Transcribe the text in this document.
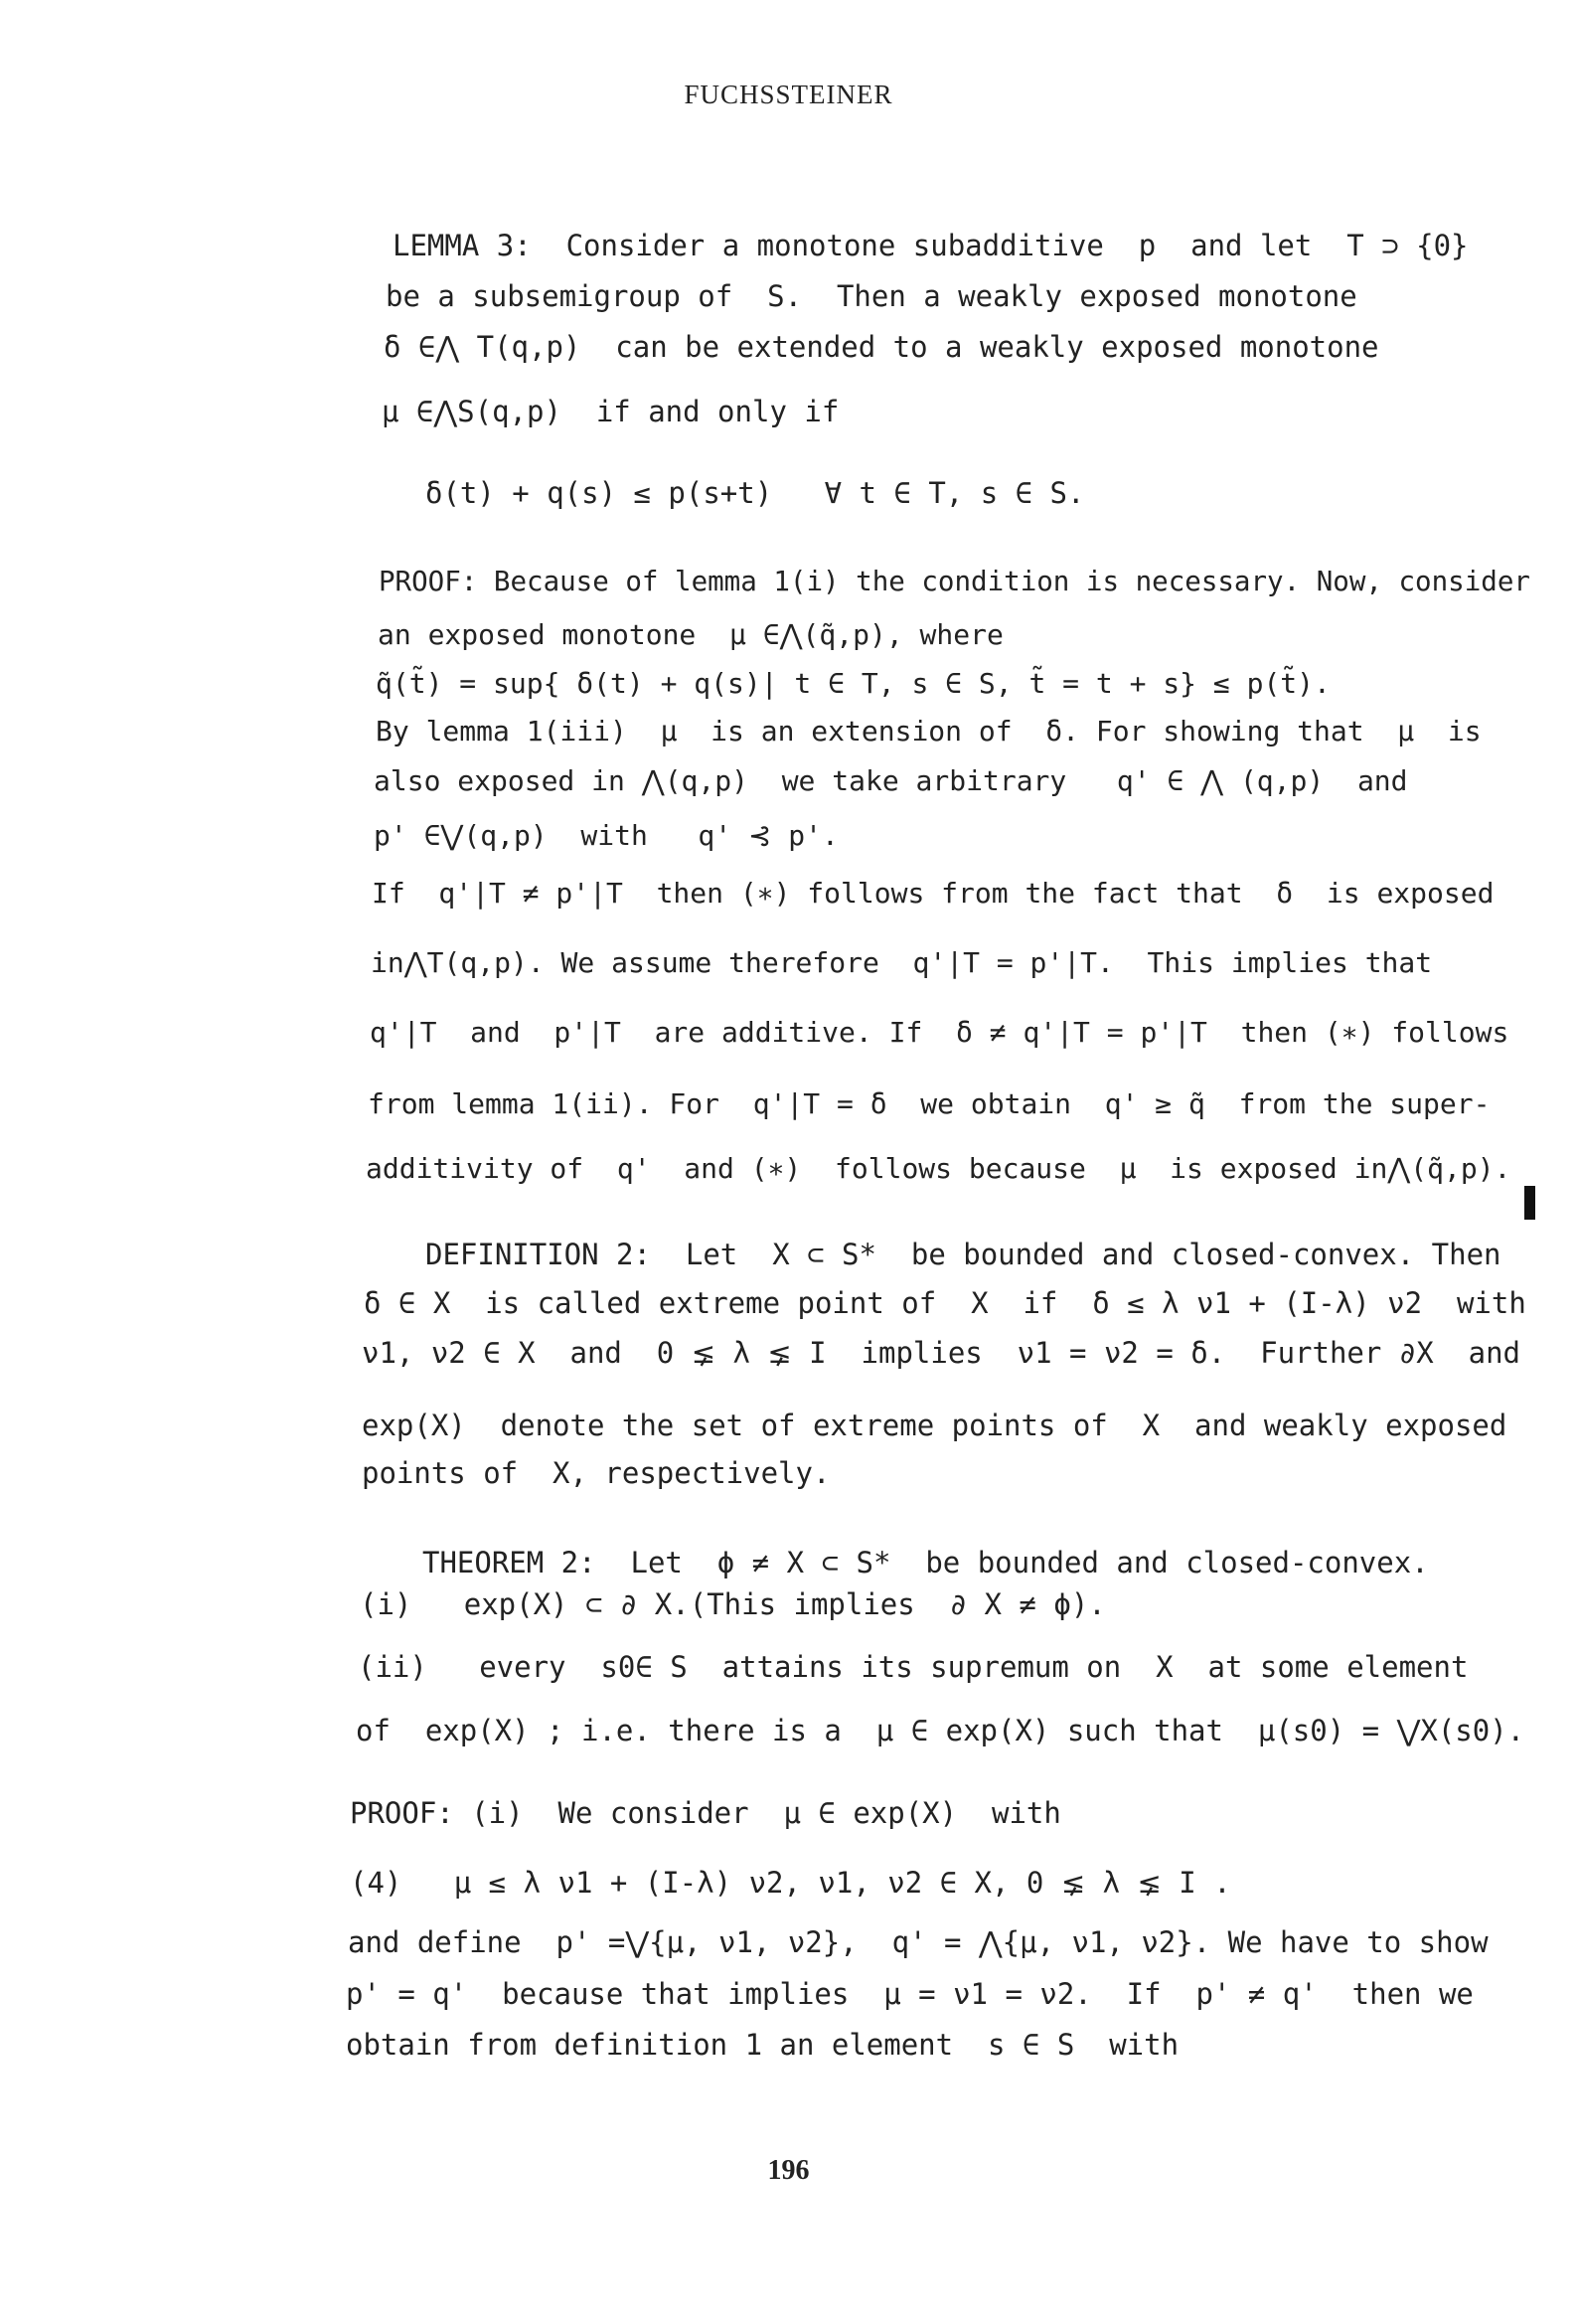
FUCHSSTEINER
LEMMA 3:  Consider a monotone subadditive  p  and let  T ⊃ {0}
be a subsemigroup of  S.  Then a weakly exposed monotone
δ ∈⋀ T(q,p)  can be extended to a weakly exposed monotone
μ ∈⋀S(q,p)  if and only if
δ(t) + q(s) ≤ p(s+t)   ∀ t ∈ T, s ∈ S.
PROOF: Because of lemma 1(i) the condition is necessary. Now, consider
an exposed monotone  μ ∈⋀(q̃,p), where
q̃(t̃) = sup{ δ(t) + q(s)| t ∈ T, s ∈ S, t̃ = t + s} ≤ p(t̃).
By lemma 1(iii)  μ  is an extension of  δ. For showing that  μ  is
also exposed in ⋀(q,p)  we take arbitrary   q' ∈ ⋀ (q,p)  and
p' ∈⋁(q,p)  with   q' ⊰ p'.
If  q'|T ≠ p'|T  then (∗) follows from the fact that  δ  is exposed
in⋀T(q,p). We assume therefore  q'|T = p'|T.  This implies that
q'|T  and  p'|T  are additive. If  δ ≠ q'|T = p'|T  then (∗) follows
from lemma 1(ii). For  q'|T = δ  we obtain  q' ≥ q̃  from the super-
additivity of  q'  and (∗)  follows because  μ  is exposed in⋀(q̃,p).
DEFINITION 2:  Let  X ⊂ S*  be bounded and closed-convex. Then
δ ∈ X  is called extreme point of  X  if  δ ≤ λ ν1 + (I-λ) ν2  with
ν1, ν2 ∈ X  and  0 ⪇ λ ⪇ I  implies  ν1 = ν2 = δ.  Further ∂X  and
exp(X)  denote the set of extreme points of  X  and weakly exposed
points of  X, respectively.
THEOREM 2:  Let  ϕ ≠ X ⊂ S*  be bounded and closed-convex.
(i)   exp(X) ⊂ ∂ X.(This implies  ∂ X ≠ ϕ).
(ii)   every  s0∈ S  attains its supremum on  X  at some element
of  exp(X) ; i.e. there is a  μ ∈ exp(X) such that  μ(s0) = ⋁X(s0).
PROOF: (i)  We consider  μ ∈ exp(X)  with
(4)   μ ≤ λ ν1 + (I-λ) ν2, ν1, ν2 ∈ X, 0 ⪇ λ ⪇ I .
and define  p' =⋁{μ, ν1, ν2},  q' = ⋀{μ, ν1, ν2}. We have to show
p' = q'  because that implies  μ = ν1 = ν2.  If  p' ≠ q'  then we
obtain from definition 1 an element  s ∈ S  with
196
